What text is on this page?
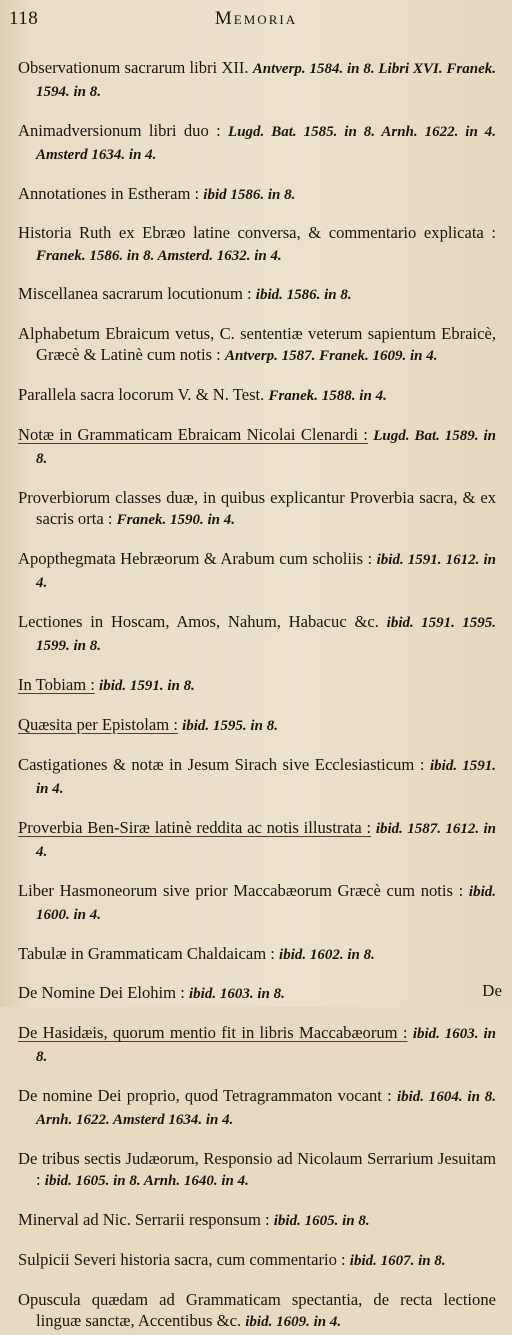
118	Memoria

Observationum sacrarum libri XII. Antverp. 1584. in 8. Libri XVI. Franek. 1594. in 8.

Animadversionum libri duo : Lugd. Bat. 1585. in 8. Arnh. 1622. in 4. Amsterd 1634. in 4.

Annotationes in Estheram : ibid 1586. in 8.

Historia Ruth ex Ebræo latine conversa, & commentario explicata : Franek. 1586. in 8. Amsterd. 1632. in 4.

Miscellanea sacrarum locutionum : ibid. 1586. in 8.

Alphabetum Ebraicum vetus, C. sententiæ veterum sapientum Ebraicè, Græcè & Latinè cum notis : Antverp. 1587. Franek. 1609. in 4.

Parallela sacra locorum V. & N. Test. Franek. 1588. in 4.

Notæ in Grammaticam Ebraicam Nicolai Clenardi : Lugd. Bat. 1589. in 8.

Proverbiorum classes duæ, in quibus explicantur Proverbia sacra, & ex sacris orta : Franek. 1590. in 4.

Apopthegmata Hebræorum & Arabum cum scholiis : ibid. 1591. 1612. in 4.

Lectiones in Hoscam, Amos, Nahum, Habacuc &c. ibid. 1591. 1595. 1599. in 8.

In Tobiam : ibid. 1591. in 8.

Quæsita per Epistolam : ibid. 1595. in 8.

Castigationes & notæ in Jesum Sirach sive Ecclesiasticum : ibid. 1591. in 4.

Proverbia Ben-Siræ latinè reddita ac notis illustrata : ibid. 1587. 1612. in 4.

Liber Hasmoneorum sive prior Maccabæorum Græcè cum notis : ibid. 1600. in 4.

Tabulæ in Grammaticam Chaldaicam : ibid. 1602. in 8.

De Nomine Dei Elohim : ibid. 1603. in 8.

De Hasidæis, quorum mentio fit in libris Maccabæorum : ibid. 1603. in 8.

De nomine Dei proprio, quod Tetragrammaton vocant : ibid. 1604. in 8. Arnh. 1622. Amsterd 1634. in 4.

De tribus sectis Judæorum, Responsio ad Nicolaum Serrarium Jesuitam : ibid. 1605. in 8. Arnh. 1640. in 4.

Minerval ad Nic. Serrarii responsum : ibid. 1605. in 8.

Sulpicii Severi historia sacra, cum commentario : ibid. 1607. in 8.

Opuscula quædam ad Grammaticam spectantia, de recta lectione linguæ sanctæ, Accentibus &c. ibid. 1609. in 4.

De
